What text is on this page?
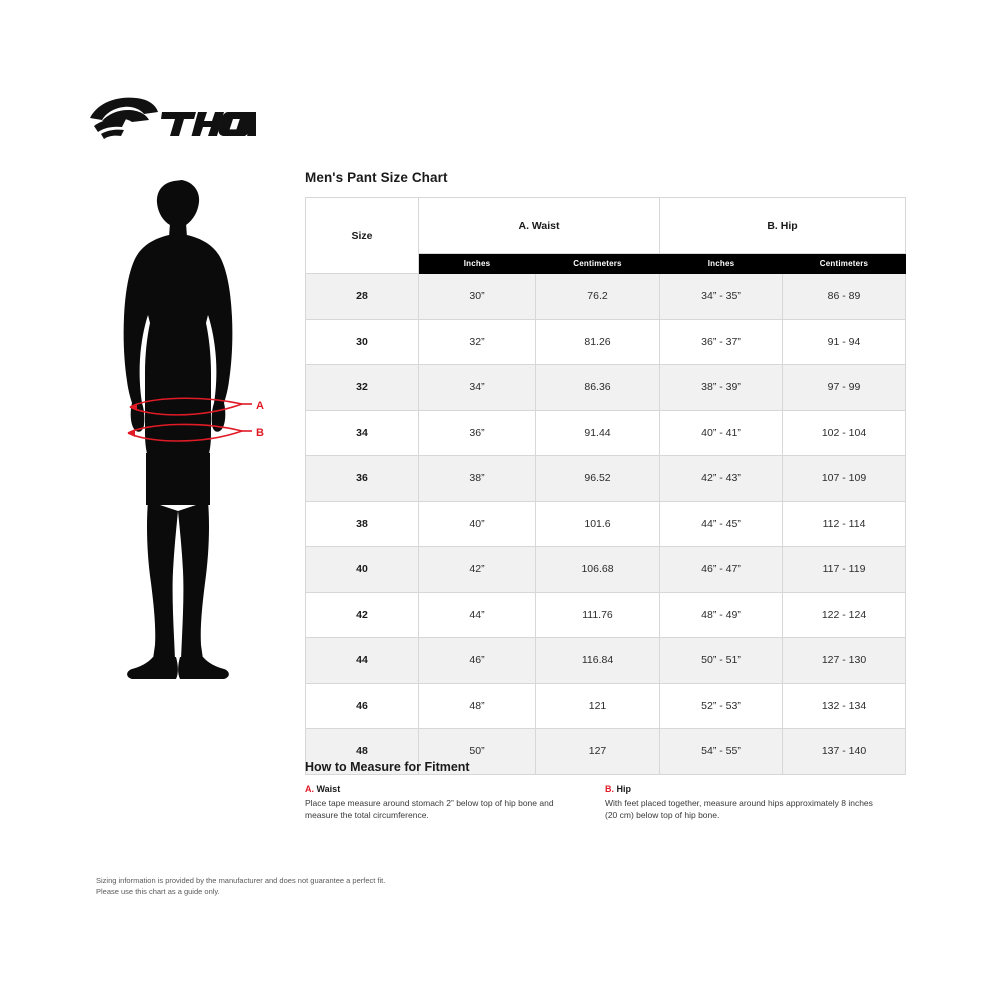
A
B
Men's Pant Size Chart
Size	A. Waist		B. Hip	
	Inches	Centimeters	Inches	Centimeters
28	30”	76.2	34” - 35”	86 - 89
30	32”	81.26	36” - 37”	91 - 94
32	34”	86.36	38” - 39”	97 - 99
34	36”	91.44	40” - 41”	102 - 104
36	38”	96.52	42” - 43”	107 - 109
38	40”	101.6	44” - 45”	112 - 114
40	42”	106.68	46” - 47”	117 - 119
42	44”	111.76	48” - 49”	122 - 124
44	46”	116.84	50” - 51”	127 - 130
46	48”	121	52” - 53”	132 - 134
48	50”	127	54” - 55”	137 - 140
How to Measure for Fitment
A. Waist
Place tape measure around stomach 2” below top of hip bone and measure the total circumference.
B. Hip
With feet placed together, measure around hips approximately 8 inches (20 cm) below top of hip bone.
Sizing information is provided by the manufacturer and does not guarantee a perfect fit.
Please use this chart as a guide only.
